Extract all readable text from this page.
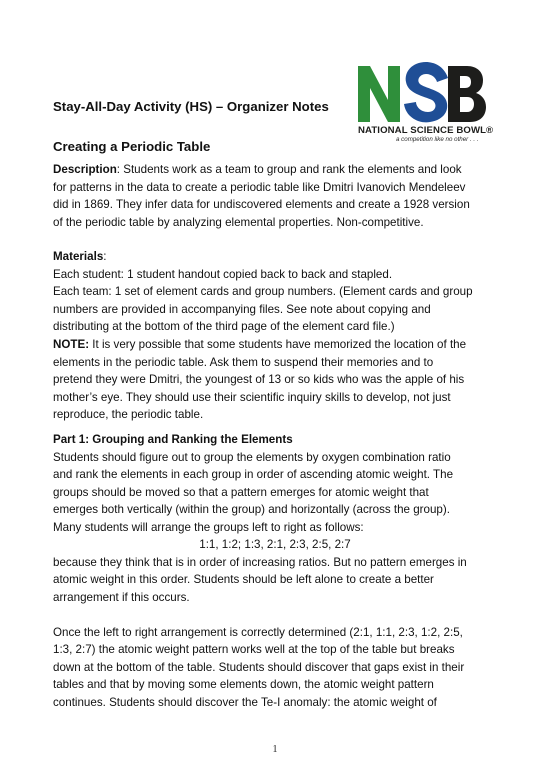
NATIONAL SCIENCE BOWL®
a competition like no other . . .
Stay-All-Day Activity (HS) – Organizer Notes
Creating a Periodic Table
Description: Students work as a team to group and rank the elements and look
for patterns in the data to create a periodic table like Dmitri Ivanovich Mendeleev
did in 1869. They infer data for undiscovered elements and create a 1928 version
of the periodic table by analyzing elemental properties. Non-competitive.
Materials:
Each student: 1 student handout copied back to back and stapled.
Each team: 1 set of element cards and group numbers. (Element cards and group
numbers are provided in accompanying files. See note about copying and
distributing at the bottom of the third page of the element card file.)
NOTE: It is very possible that some students have memorized the location of the
elements in the periodic table. Ask them to suspend their memories and to
pretend they were Dmitri, the youngest of 13 or so kids who was the apple of his
mother’s eye. They should use their scientific inquiry skills to develop, not just
reproduce, the periodic table.
Part 1: Grouping and Ranking the Elements
Students should figure out to group the elements by oxygen combination ratio
and rank the elements in each group in order of ascending atomic weight. The
groups should be moved so that a pattern emerges for atomic weight that
emerges both vertically (within the group) and horizontally (across the group).
Many students will arrange the groups left to right as follows:
1:1, 1:2; 1:3, 2:1, 2:3, 2:5, 2:7
because they think that is in order of increasing ratios. But no pattern emerges in
atomic weight in this order. Students should be left alone to create a better
arrangement if this occurs.
Once the left to right arrangement is correctly determined (2:1, 1:1, 2:3, 1:2, 2:5,
1:3, 2:7) the atomic weight pattern works well at the top of the table but breaks
down at the bottom of the table. Students should discover that gaps exist in their
tables and that by moving some elements down, the atomic weight pattern
continues. Students should discover the Te-I anomaly: the atomic weight of
1
